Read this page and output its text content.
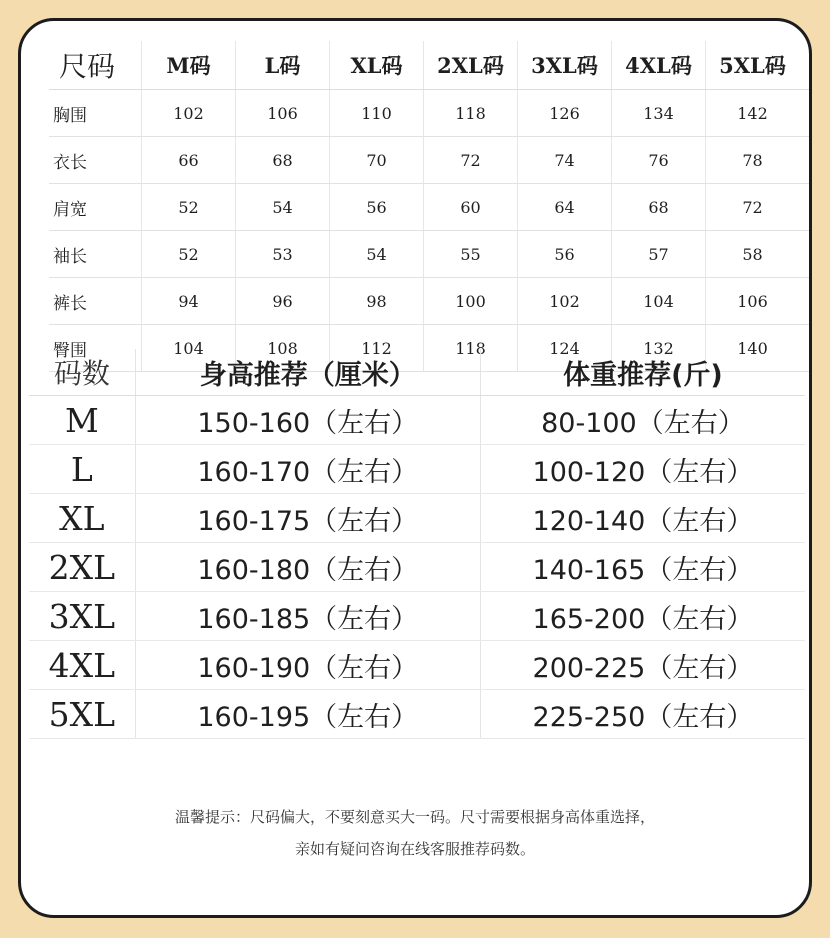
尺码	M码	L码	XL码	2XL码	3XL码	4XL码	5XL码
胸围	102	106	110	118	126	134	142
衣长	66	68	70	72	74	76	78
肩宽	52	54	56	60	64	68	72
袖长	52	53	54	55	56	57	58
裤长	94	96	98	100	102	104	106
臀围	104	108	112	118	124	132	140
码数	身高推荐（厘米）	体重推荐(斤)
M	150-160（左右）	80-100（左右）
L	160-170（左右）	100-120（左右）
XL	160-175（左右）	120-140（左右）
2XL	160-180（左右）	140-165（左右）
3XL	160-185（左右）	165-200（左右）
4XL	160-190（左右）	200-225（左右）
5XL	160-195（左右）	225-250（左右）
温馨提示：尺码偏大，不要刻意买大一码。尺寸需要根据身高体重选择，
亲如有疑问咨询在线客服推荐码数。
